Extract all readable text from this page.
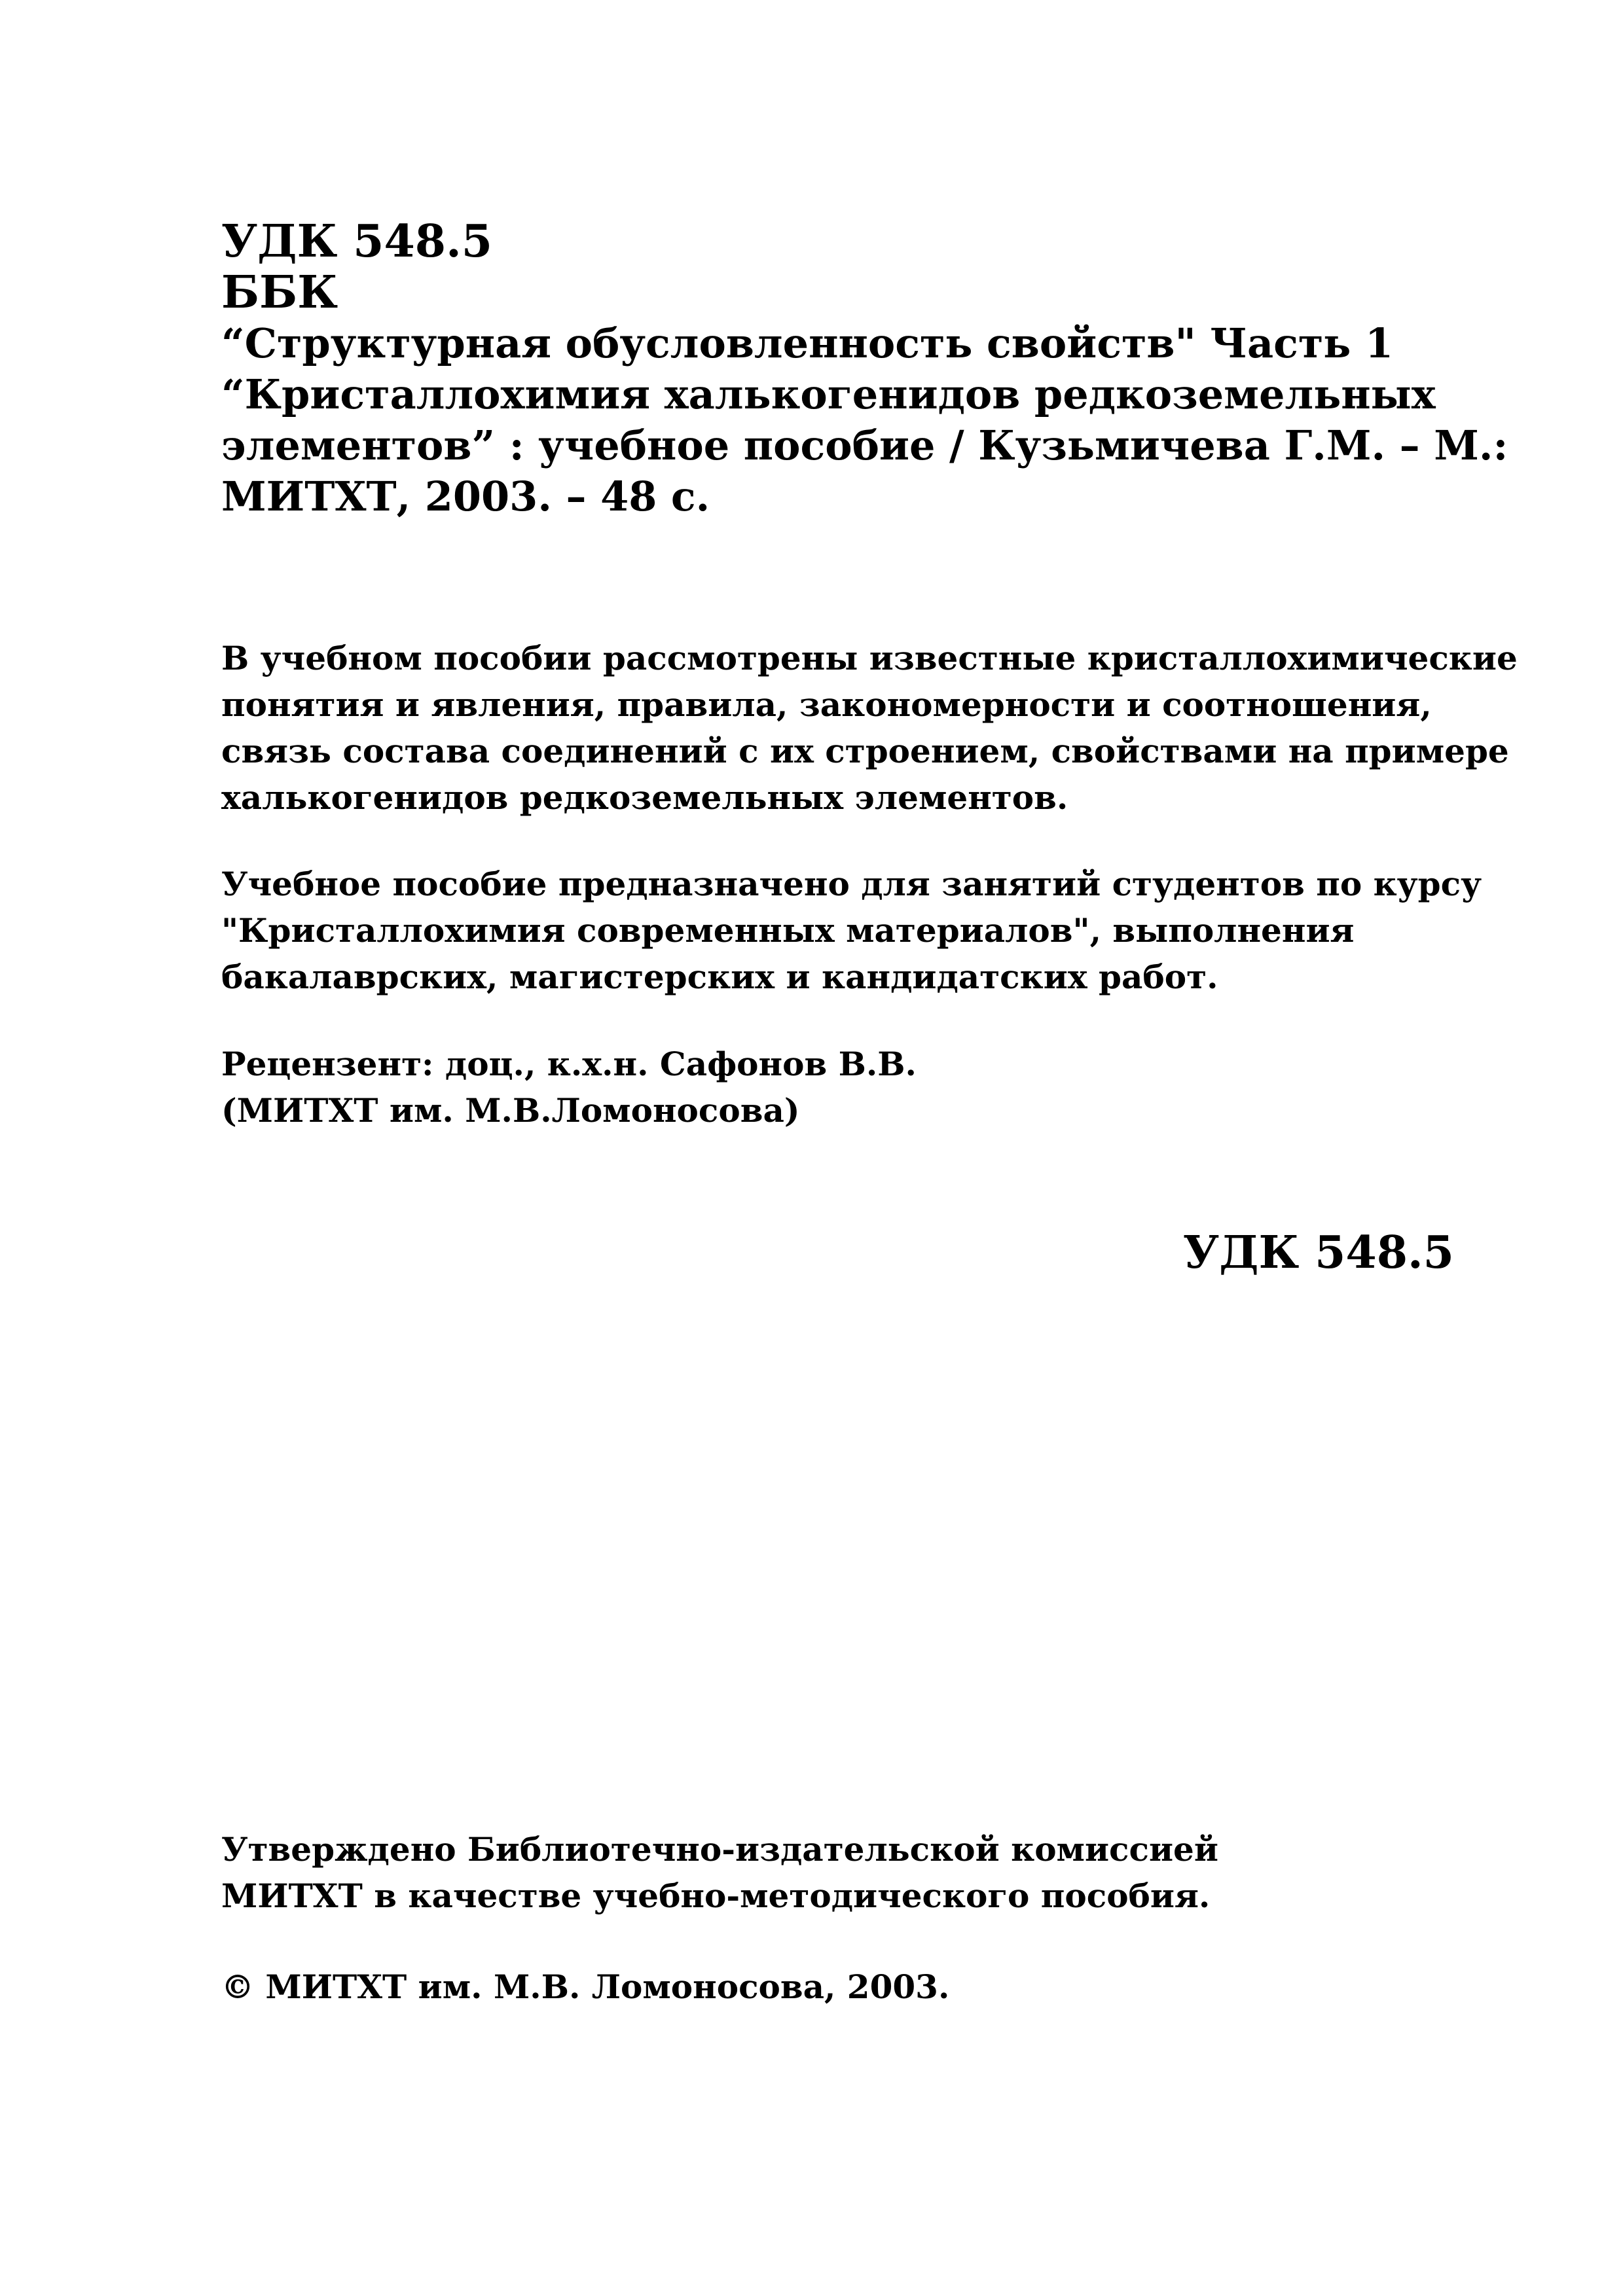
УДК 548.5
ББК
“Структурная обусловленность свойств" Часть 1
“Кристаллохимия халькогенидов редкоземельных
элементов” : учебное пособие / Кузьмичева Г.М. – М.:
МИТХТ, 2003. – 48 с.
В учебном пособии рассмотрены известные кристаллохимические
понятия и явления, правила, закономерности и соотношения,
связь состава соединений с их строением, свойствами на примере
халькогенидов редкоземельных элементов.
Учебное пособие предназначено для занятий студентов по курсу
"Кристаллохимия современных материалов", выполнения
бакалаврских, магистерских и кандидатских работ.
Рецензент: доц., к.х.н. Сафонов В.В.
(МИТХТ им. М.В.Ломоносова)

УДК 548.5

Утверждено Библиотечно-издательской комиссией
МИТХТ в качестве учебно-методического пособия.
© МИТХТ им. М.В. Ломоносова, 2003.
